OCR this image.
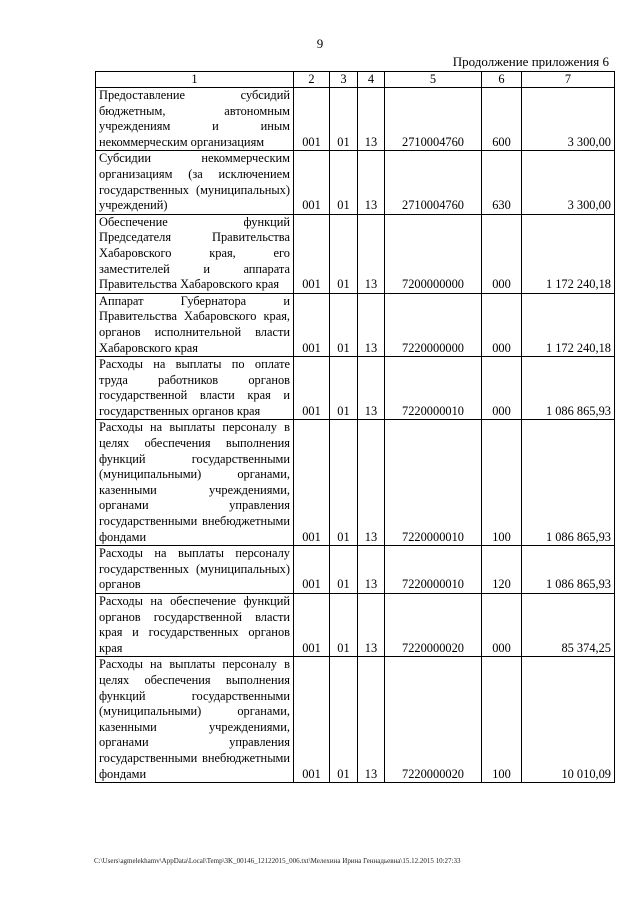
9
Продолжение приложения 6
1	2	3	4	5	6	7
Предоставление субсидий бюджетным, автономным учреждениям и иным некоммерческим организациям	001	01	13	2710004760	600	3 300,00
Субсидии некоммерческим организациям (за исключением государственных (муниципальных) учреждений)	001	01	13	2710004760	630	3 300,00
Обеспечение функций Председателя Правительства Хабаровского края, его заместителей и аппарата Правительства Хабаровского края	001	01	13	7200000000	000	1 172 240,18
Аппарат Губернатора и Правительства Хабаровского края, органов исполнительной власти Хабаровского края	001	01	13	7220000000	000	1 172 240,18
Расходы на выплаты по оплате труда работников органов государственной власти края и государственных органов края	001	01	13	7220000010	000	1 086 865,93
Расходы на выплаты персоналу в целях обеспечения выполнения функций государственными (муниципальными) органами, казенными учреждениями, органами управления государственными внебюджетными фондами	001	01	13	7220000010	100	1 086 865,93
Расходы на выплаты персоналу государственных (муниципальных) органов	001	01	13	7220000010	120	1 086 865,93
Расходы на обеспечение функций органов государственной власти края и государственных органов края	001	01	13	7220000020	000	85 374,25
Расходы на выплаты персоналу в целях обеспечения выполнения функций государственными (муниципальными) органами, казенными учреждениями, органами управления государственными внебюджетными фондами	001	01	13	7220000020	100	10 010,09
C:\Users\agmelekhamv\AppData\Local\Temp\3K_00146_12122015_006.txt\Мелехина Ирина Геннадьевна\15.12.2015 10:27:33
